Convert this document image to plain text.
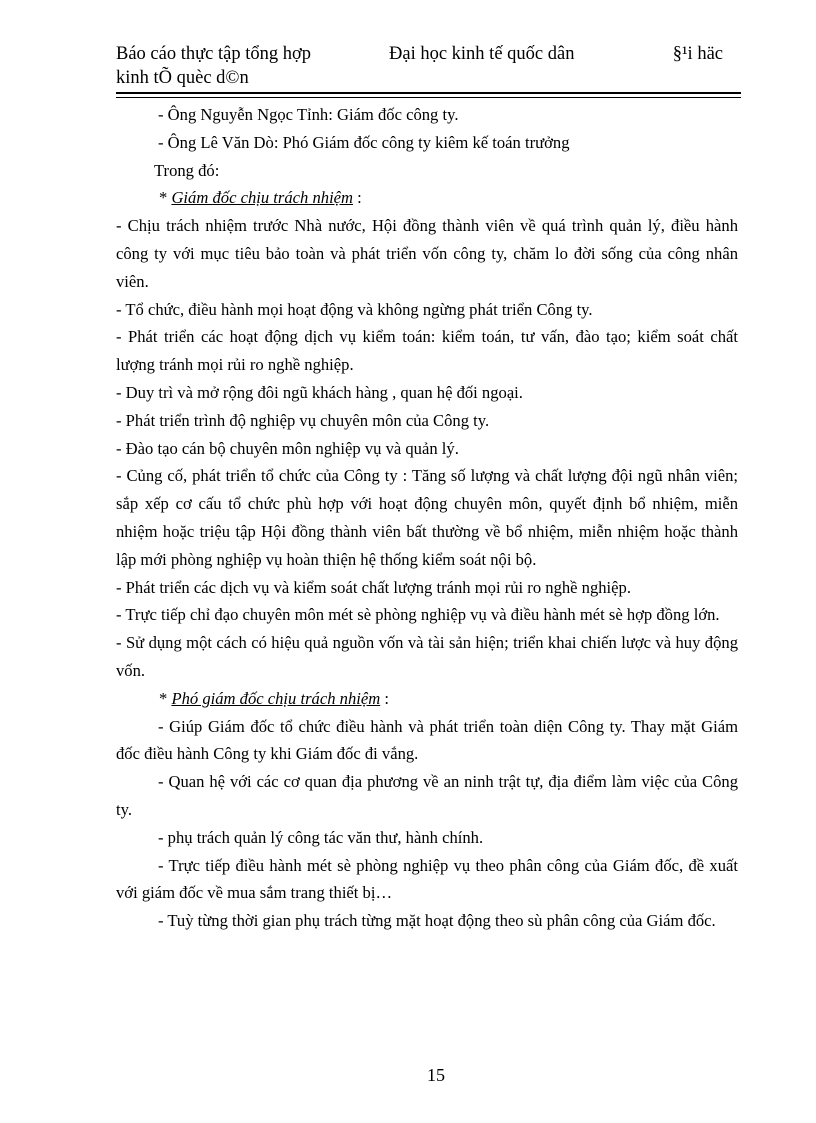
Báo cáo thực tập tổng hợp	Đại học kinh tế quốc dân	§¹i häc
kinh tÕ quèc d©n

- Ông Nguyễn Ngọc Tỉnh: Giám đốc công ty.

- Ông Lê Văn Dò: Phó Giám đốc công ty kiêm kế toán trưởng

Trong đó:

* Giám đốc chịu trách nhiệm :

- Chịu trách nhiệm trước Nhà nước, Hội đồng thành viên về quá trình quản lý, điều hành công ty với mục tiêu bảo toàn và phát triển vốn công ty, chăm lo đời sống của công nhân viên.

- Tổ chức, điều hành mọi hoạt động và không ngừng phát triển Công ty.

- Phát triển các hoạt động dịch vụ kiểm toán: kiểm toán, tư vấn, đào tạo; kiểm soát chất lượng tránh mọi rủi ro nghề nghiệp.

- Duy trì và mở rộng đôi ngũ khách hàng , quan hệ đối ngoại.

- Phát triển trình độ nghiệp vụ chuyên môn của Công ty.

- Đào tạo cán bộ chuyên môn nghiệp vụ và quản lý.

- Củng cố, phát triển tổ chức của Công ty : Tăng số lượng và chất lượng đội ngũ nhân viên; sắp xếp cơ cấu tổ chức phù hợp với hoạt động chuyên môn, quyết định bổ nhiệm, miễn nhiệm hoặc triệu tập Hội đồng thành viên bất thường về bổ nhiệm, miễn nhiệm hoặc thành lập mới phòng nghiệp vụ hoàn thiện hệ thống kiểm soát nội bộ.

- Phát triển các dịch vụ và kiểm soát chất lượng tránh mọi rủi ro nghề nghiệp.

- Trực tiếp chỉ đạo chuyên môn mét sè phòng nghiệp vụ và điều hành mét sè hợp đồng lớn.

- Sử dụng một cách có hiệu quả nguồn vốn và tài sản hiện; triển khai chiến lược và huy động vốn.

* Phó giám đốc chịu trách nhiệm :

- Giúp Giám đốc tổ chức điều hành và phát triển toàn diện Công ty. Thay mặt Giám đốc điều hành Công ty khi Giám đốc đi vắng.

- Quan hệ với các cơ quan địa phương về an ninh trật tự, địa điểm làm việc của Công ty.

- phụ trách quản lý công tác văn thư, hành chính.

- Trực tiếp điều hành mét sè phòng nghiệp vụ theo phân công của Giám đốc, đề xuất với giám đốc về mua sắm trang thiết bị…

- Tuỳ từng thời gian phụ trách từng mặt hoạt động theo sù phân công của Giám đốc.

15
